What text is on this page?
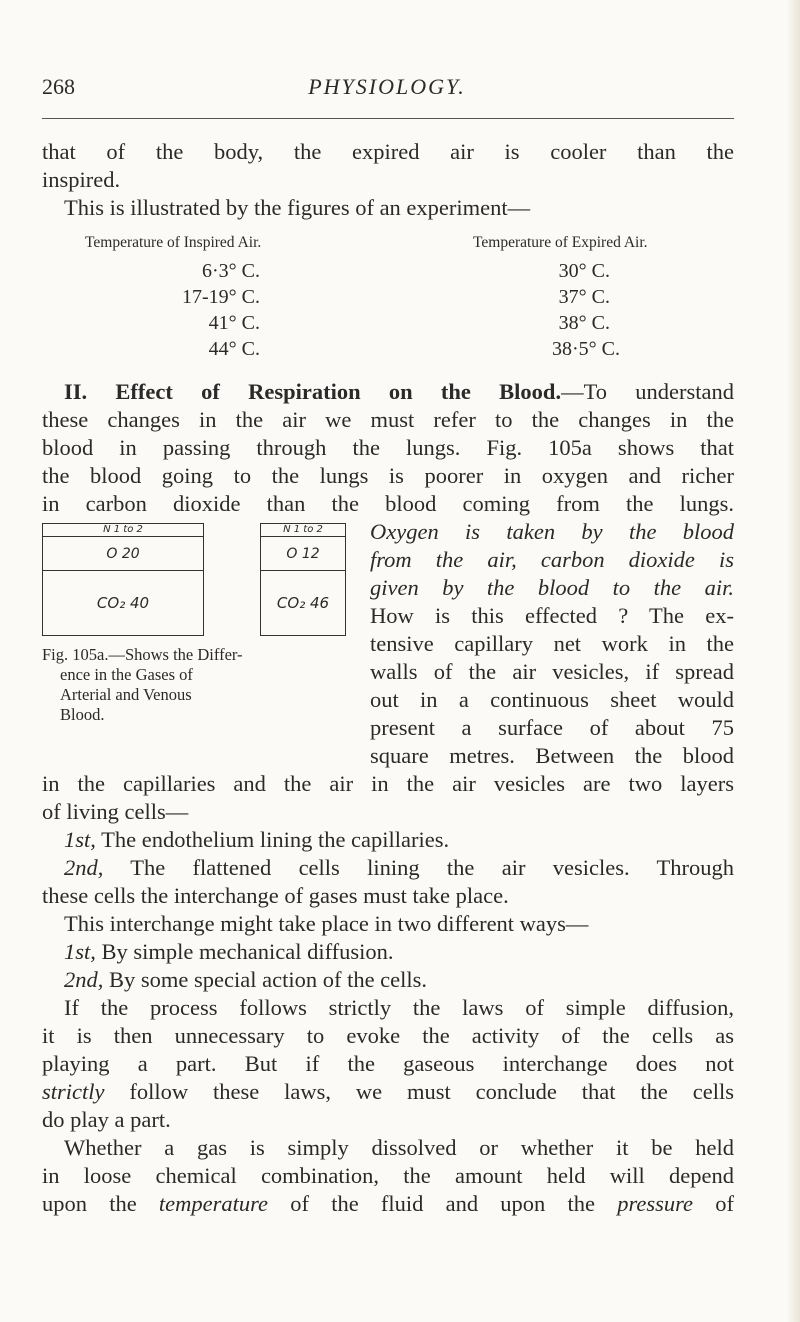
268	PHYSIOLOGY.
that of the body, the expired air is cooler than the
inspired.
This is illustrated by the figures of an experiment—
Temperature of Inspired Air.	Temperature of Expired Air.
6·3° C.
17-19° C.
41° C.
44° C.
30° C.
37° C.
38° C.
38·5° C.
II. Effect of Respiration on the Blood.—To understand
these changes in the air we must refer to the changes in the
blood in passing through the lungs. Fig. 105a shows that
the blood going to the lungs is poorer in oxygen and richer
in carbon dioxide than the blood coming from the lungs.
N 1 to 2
O 20
CO₂ 40
N 1 to 2
O 12
CO₂ 46
Fig. 105a.—Shows the Differ-
ence in the Gases of
Arterial and Venous
Blood.
Oxygen is taken by the blood
from the air, carbon dioxide is
given by the blood to the air.
How is this effected ? The ex-
tensive capillary net work in the
walls of the air vesicles, if spread
out in a continuous sheet would
present a surface of about 75
square metres. Between the blood
in the capillaries and the air in the air vesicles are two layers
of living cells—
1st, The endothelium lining the capillaries.
2nd, The flattened cells lining the air vesicles. Through
these cells the interchange of gases must take place.
This interchange might take place in two different ways—
1st, By simple mechanical diffusion.
2nd, By some special action of the cells.
If the process follows strictly the laws of simple diffusion,
it is then unnecessary to evoke the activity of the cells as
playing a part. But if the gaseous interchange does not
strictly follow these laws, we must conclude that the cells
do play a part.
Whether a gas is simply dissolved or whether it be held
in loose chemical combination, the amount held will depend
upon the temperature of the fluid and upon the pressure of
